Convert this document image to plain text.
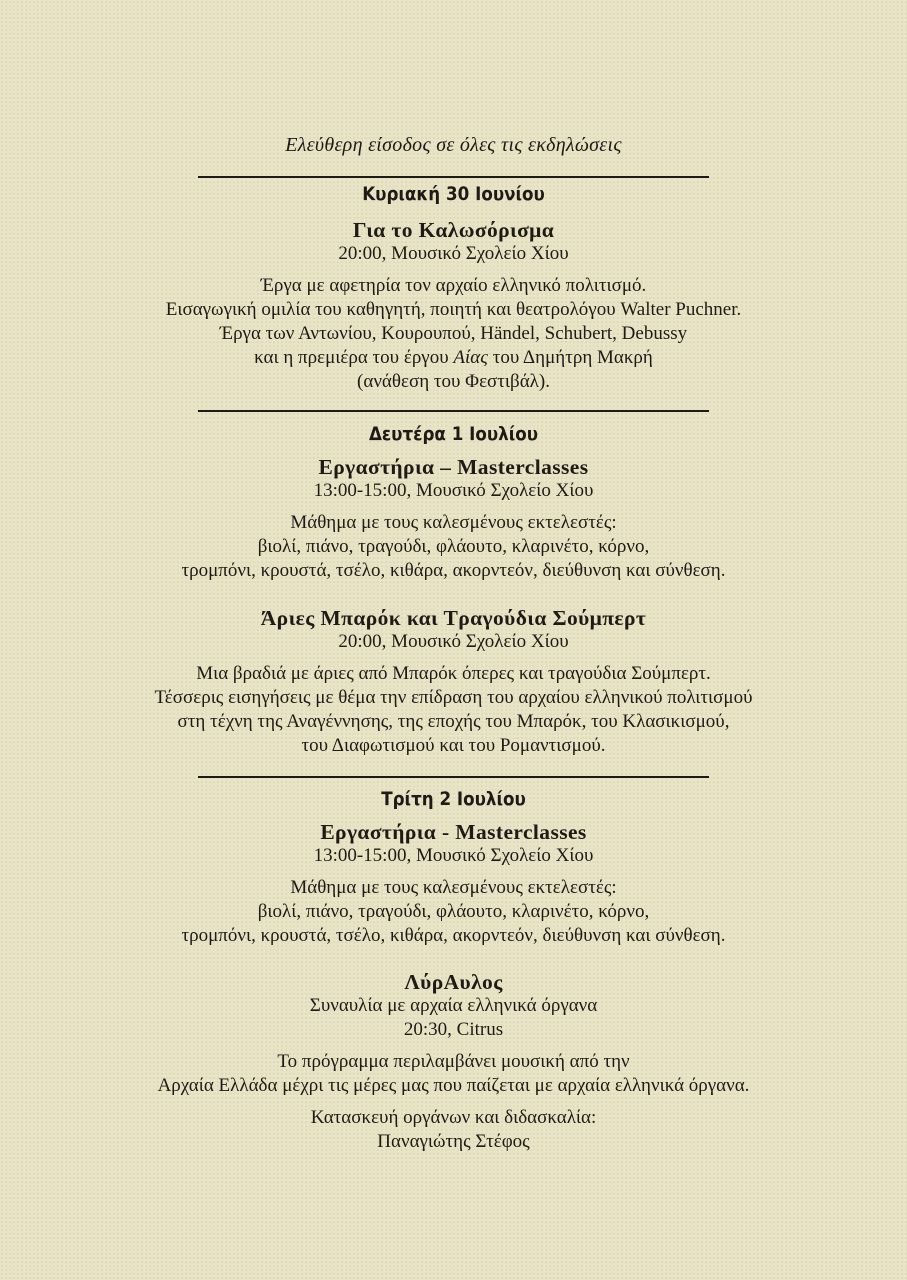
Ελεύθερη είσοδος σε όλες τις εκδηλώσεις
Κυριακή 30 Ιουνίου
Για το Καλωσόρισμα
20:00, Μουσικό Σχολείο Χίου
Έργα με αφετηρία τον αρχαίο ελληνικό πολιτισμό.
Εισαγωγική ομιλία του καθηγητή, ποιητή και θεατρολόγου Walter Puchner.
Έργα των Αντωνίου, Κουρουπού, Händel, Schubert, Debussy
και η πρεμιέρα του έργου Αίας του Δημήτρη Μακρή
(ανάθεση του Φεστιβάλ).
Δευτέρα 1 Ιουλίου
Εργαστήρια – Masterclasses
13:00-15:00, Μουσικό Σχολείο Χίου
Μάθημα με τους καλεσμένους εκτελεστές:
βιολί, πιάνο, τραγούδι, φλάουτο, κλαρινέτο, κόρνο,
τρομπόνι, κρουστά, τσέλο, κιθάρα, ακορντεόν, διεύθυνση και σύνθεση.
Άριες Μπαρόκ και Τραγούδια Σούμπερτ
20:00, Μουσικό Σχολείο Χίου
Μια βραδιά με άριες από Μπαρόκ όπερες και τραγούδια Σούμπερτ.
Τέσσερις εισηγήσεις με θέμα την επίδραση του αρχαίου ελληνικού πολιτισμού
στη τέχνη της Αναγέννησης, της εποχής του Μπαρόκ, του Κλασικισμού,
του Διαφωτισμού και του Ρομαντισμού.
Τρίτη 2 Ιουλίου
Εργαστήρια - Masterclasses
13:00-15:00, Μουσικό Σχολείο Χίου
Μάθημα με τους καλεσμένους εκτελεστές:
βιολί, πιάνο, τραγούδι, φλάουτο, κλαρινέτο, κόρνο,
τρομπόνι, κρουστά, τσέλο, κιθάρα, ακορντεόν, διεύθυνση και σύνθεση.
ΛύρΑυλος
Συναυλία με αρχαία ελληνικά όργανα
20:30, Citrus
Το πρόγραμμα περιλαμβάνει μουσική από την
Αρχαία Ελλάδα μέχρι τις μέρες μας που παίζεται με αρχαία ελληνικά όργανα.
Κατασκευή οργάνων και διδασκαλία:
Παναγιώτης Στέφος
